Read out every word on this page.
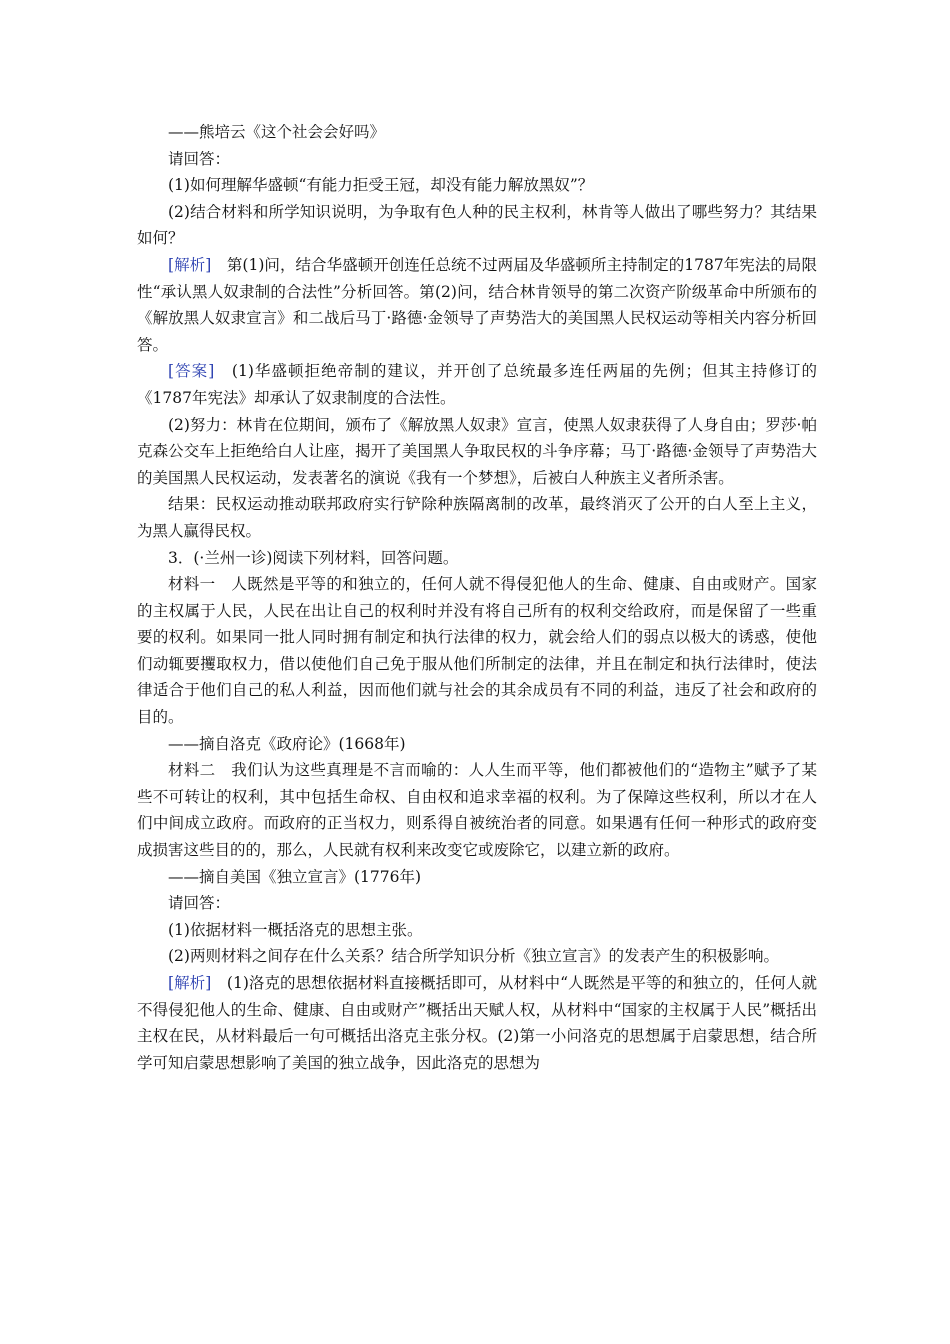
——熊培云《这个社会会好吗》

请回答：

(1)如何理解华盛顿“有能力拒受王冠，却没有能力解放黑奴”？

(2)结合材料和所学知识说明，为争取有色人种的民主权利，林肯等人做出了哪些努力？其结果如何？

[解析]　 第(1)问，结合华盛顿开创连任总统不过两届及华盛顿所主持制定的1787年宪法的局限性“承认黑人奴隶制的合法性”分析回答。第(2)问，结合林肯领导的第二次资产阶级革命中所颁布的《解放黑人奴隶宣言》和二战后马丁·路德·金领导了声势浩大的美国黑人民权运动等相关内容分析回答。

[答案]　 (1)华盛顿拒绝帝制的建议，并开创了总统最多连任两届的先例；但其主持修订的《1787年宪法》却承认了奴隶制度的合法性。

(2)努力：林肯在位期间，颁布了《解放黑人奴隶》宣言，使黑人奴隶获得了人身自由；罗莎·帕克森公交车上拒绝给白人让座，揭开了美国黑人争取民权的斗争序幕；马丁·路德·金领导了声势浩大的美国黑人民权运动，发表著名的演说《我有一个梦想》，后被白人种族主义者所杀害。

结果：民权运动推动联邦政府实行铲除种族隔离制的改革，最终消灭了公开的白人至上主义，为黑人赢得民权。

3．(·兰州一诊)阅读下列材料，回答问题。

材料一　人既然是平等的和独立的，任何人就不得侵犯他人的生命、健康、自由或财产。国家的主权属于人民，人民在出让自己的权利时并没有将自己所有的权利交给政府，而是保留了一些重要的权利。如果同一批人同时拥有制定和执行法律的权力，就会给人们的弱点以极大的诱惑，使他们动辄要攫取权力，借以使他们自己免于服从他们所制定的法律，并且在制定和执行法律时，使法律适合于他们自己的私人利益，因而他们就与社会的其余成员有不同的利益，违反了社会和政府的目的。

——摘自洛克《政府论》(1668年)

材料二　我们认为这些真理是不言而喻的：人人生而平等，他们都被他们的“造物主”赋予了某些不可转让的权利，其中包括生命权、自由权和追求幸福的权利。为了保障这些权利，所以才在人们中间成立政府。而政府的正当权力，则系得自被统治者的同意。如果遇有任何一种形式的政府变成损害这些目的的，那么，人民就有权利来改变它或废除它，以建立新的政府。

——摘自美国《独立宣言》(1776年)

请回答：

(1)依据材料一概括洛克的思想主张。

(2)两则材料之间存在什么关系？结合所学知识分析《独立宣言》的发表产生的积极影响。

[解析]　 (1)洛克的思想依据材料直接概括即可，从材料中“人既然是平等的和独立的，任何人就不得侵犯他人的生命、健康、自由或财产”概括出天赋人权，从材料中“国家的主权属于人民”概括出主权在民，从材料最后一句可概括出洛克主张分权。(2)第一小问洛克的思想属于启蒙思想，结合所学可知启蒙思想影响了美国的独立战争，因此洛克的思想为
